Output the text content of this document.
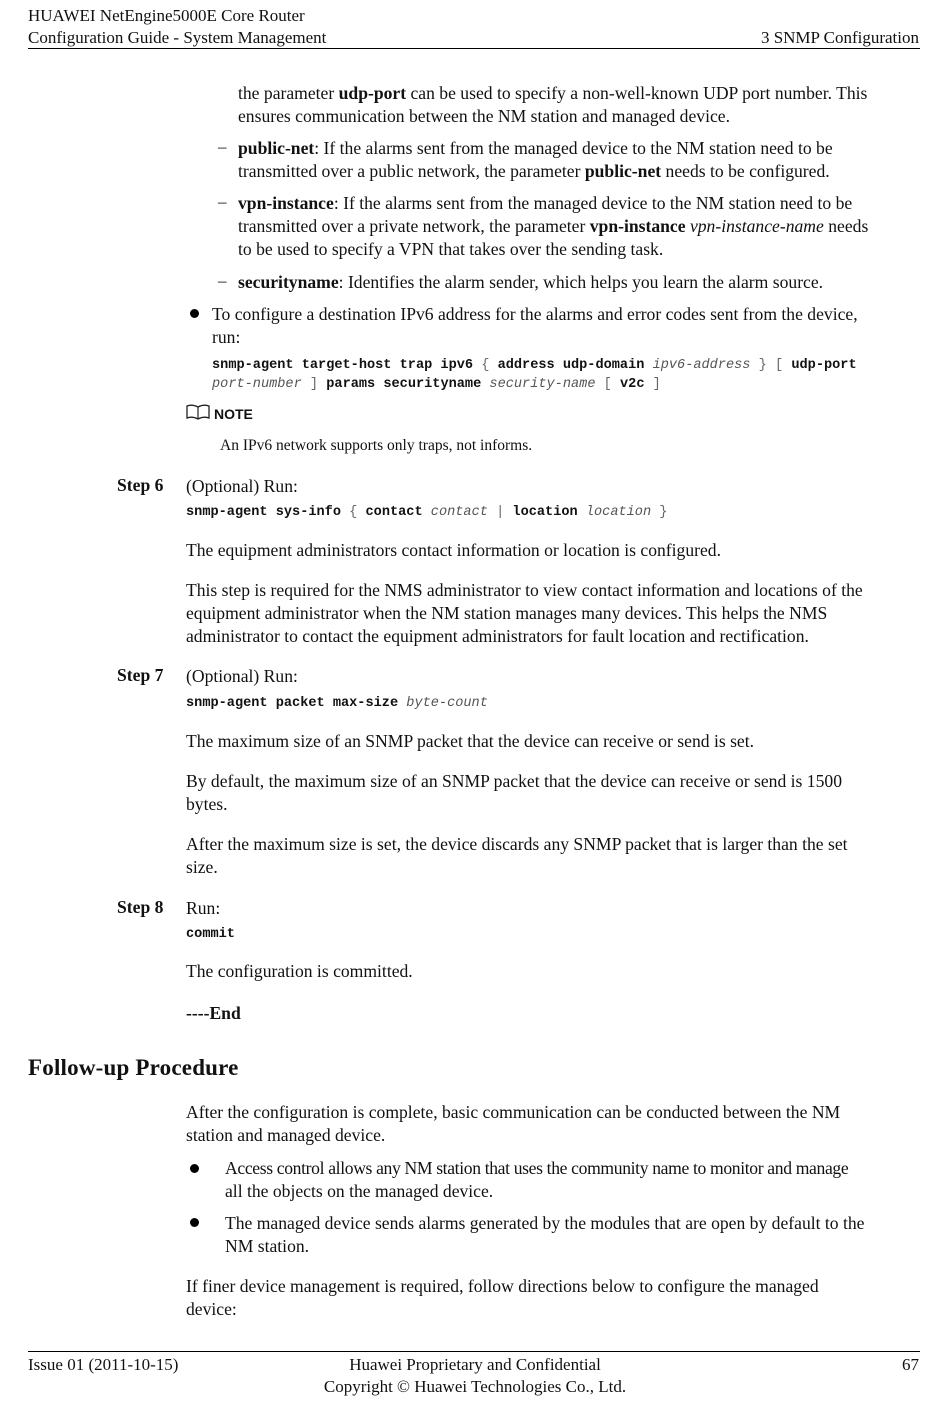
HUAWEI NetEngine5000E Core Router
Configuration Guide - System Management	3 SNMP Configuration
the parameter udp-port can be used to specify a non-well-known UDP port number. This
ensures communication between the NM station and managed device.
– public-net: If the alarms sent from the managed device to the NM station need to be
transmitted over a public network, the parameter public-net needs to be configured.
– vpn-instance: If the alarms sent from the managed device to the NM station need to be
transmitted over a private network, the parameter vpn-instance vpn-instance-name needs
to be used to specify a VPN that takes over the sending task.
– securityname: Identifies the alarm sender, which helps you learn the alarm source.
To configure a destination IPv6 address for the alarms and error codes sent from the device,
run:
snmp-agent target-host trap ipv6 { address udp-domain ipv6-address } [ udp-port
port-number ] params securityname security-name [ v2c ]
NOTE
An IPv6 network supports only traps, not informs.
Step 6 (Optional) Run:
snmp-agent sys-info { contact contact | location location }
The equipment administrators contact information or location is configured.
This step is required for the NMS administrator to view contact information and locations of the
equipment administrator when the NM station manages many devices. This helps the NMS
administrator to contact the equipment administrators for fault location and rectification.
Step 7 (Optional) Run:
snmp-agent packet max-size byte-count
The maximum size of an SNMP packet that the device can receive or send is set.
By default, the maximum size of an SNMP packet that the device can receive or send is 1500
bytes.
After the maximum size is set, the device discards any SNMP packet that is larger than the set
size.
Step 8 Run:
commit
The configuration is committed.
----End
Follow-up Procedure
After the configuration is complete, basic communication can be conducted between the NM
station and managed device.
Access control allows any NM station that uses the community name to monitor and manage
all the objects on the managed device.
The managed device sends alarms generated by the modules that are open by default to the
NM station.
If finer device management is required, follow directions below to configure the managed
device:
Issue 01 (2011-10-15)	Huawei Proprietary and Confidential
Copyright © Huawei Technologies Co., Ltd.
67
